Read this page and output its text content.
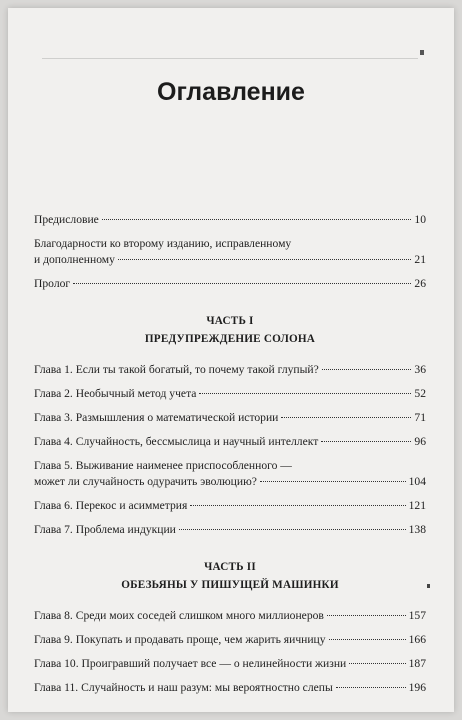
Оглавление
Предисловие	10
Благодарности ко второму изданию, исправленному
и дополненному	21
Пролог	26
ЧАСТЬ I
ПРЕДУПРЕЖДЕНИЕ СОЛОНА
Глава 1. Если ты такой богатый, то почему такой глупый?	36
Глава 2. Необычный метод учета	52
Глава 3. Размышления о математической истории	71
Глава 4. Случайность, бессмыслица и научный интеллект	96
Глава 5. Выживание наименее приспособленного —
может ли случайность одурачить эволюцию?	104
Глава 6. Перекос и асимметрия	121
Глава 7. Проблема индукции	138
ЧАСТЬ II
ОБЕЗЬЯНЫ У ПИШУЩЕЙ МАШИНКИ
Глава 8. Среди моих соседей слишком много миллионеров	157
Глава 9. Покупать и продавать проще, чем жарить яичницу	166
Глава 10. Проигравший получает все — о нелинейности жизни	187
Глава 11. Случайность и наш разум: мы вероятностно слепы	196
